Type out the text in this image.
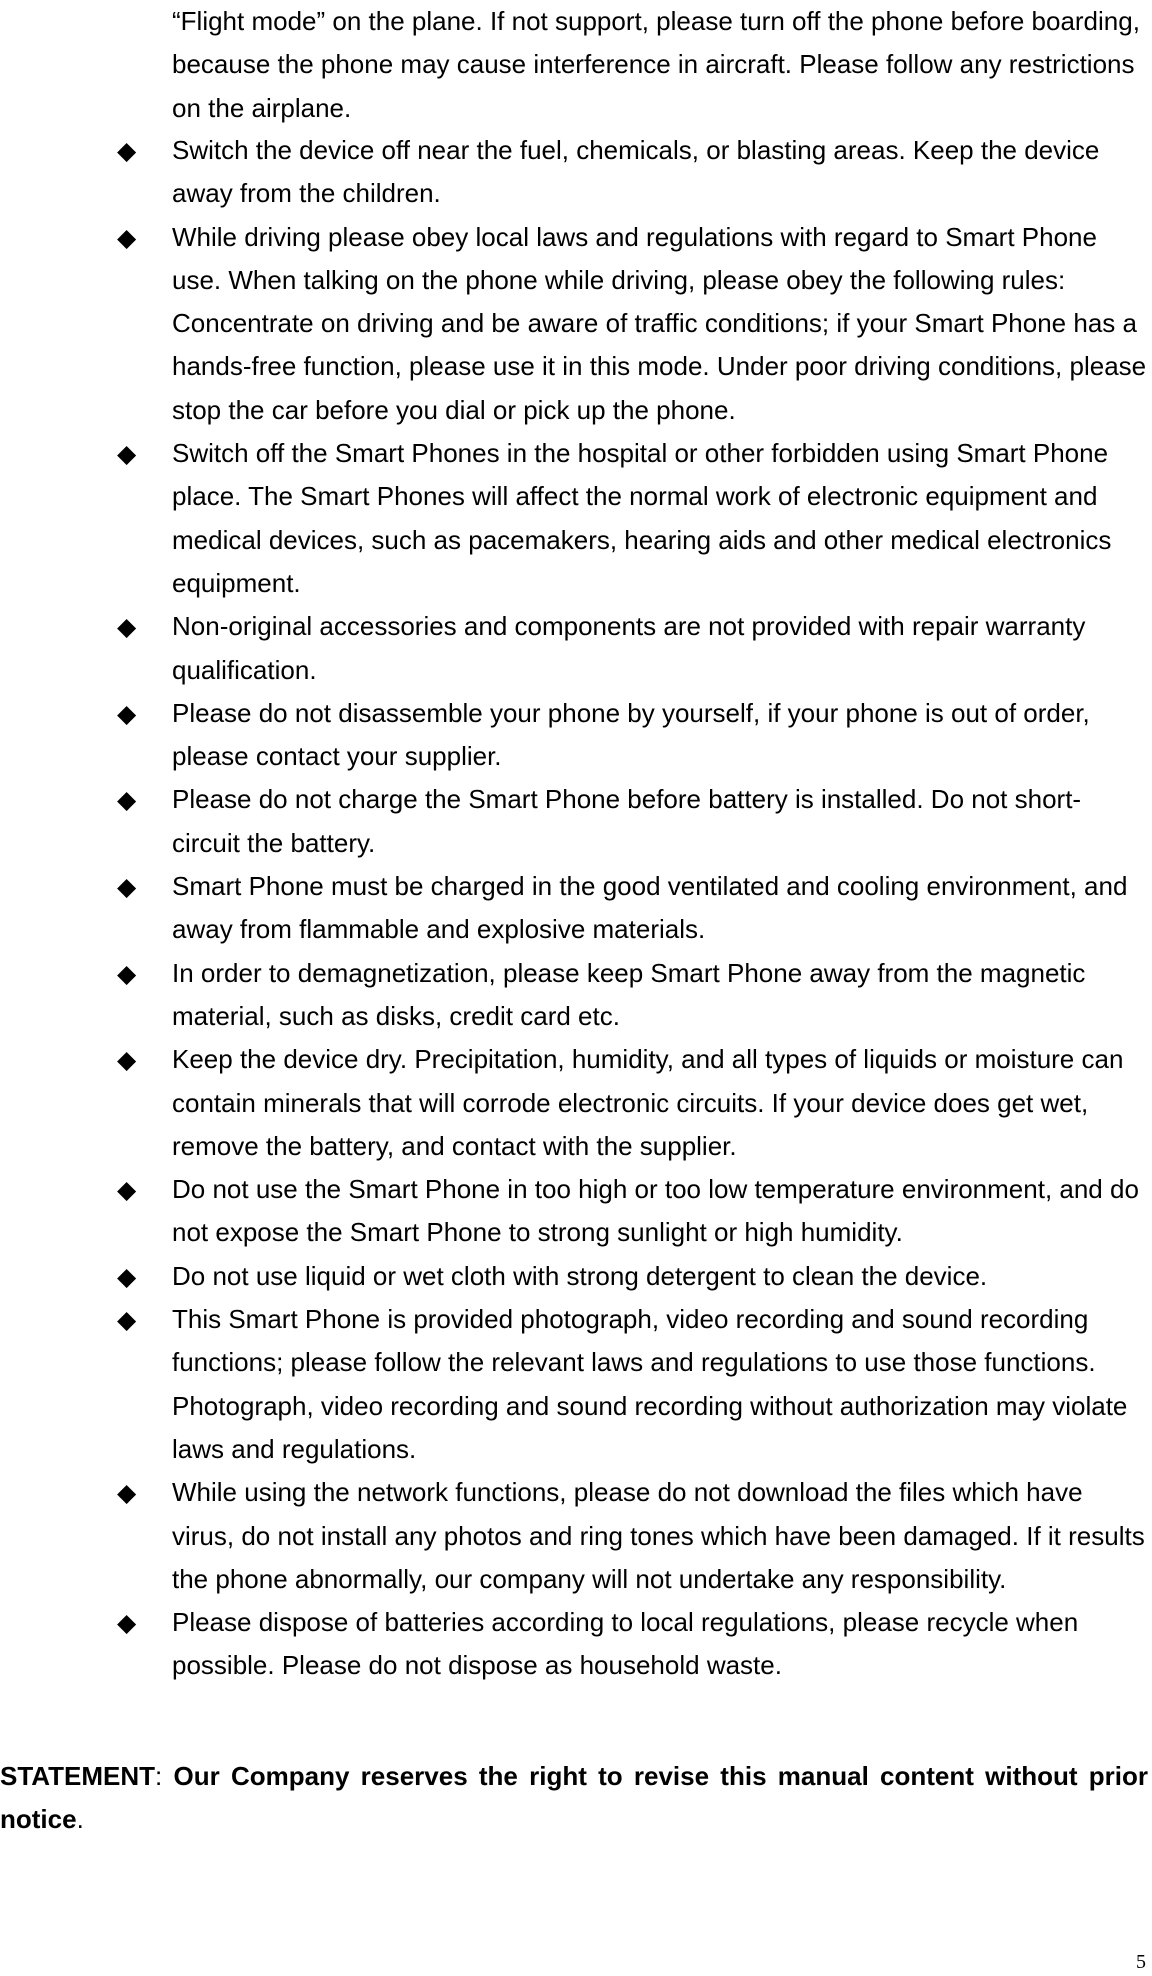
“Flight mode” on the plane. If not support, please turn off the phone before boarding, because the phone may cause interference in aircraft. Please follow any restrictions on the airplane.

◆ Switch the device off near the fuel, chemicals, or blasting areas. Keep the device away from the children.
◆ While driving please obey local laws and regulations with regard to Smart Phone use. When talking on the phone while driving, please obey the following rules: Concentrate on driving and be aware of traffic conditions; if your Smart Phone has a hands-free function, please use it in this mode. Under poor driving conditions, please stop the car before you dial or pick up the phone.
◆ Switch off the Smart Phones in the hospital or other forbidden using Smart Phone place. The Smart Phones will affect the normal work of electronic equipment and medical devices, such as pacemakers, hearing aids and other medical electronics equipment.
◆ Non-original accessories and components are not provided with repair warranty qualification.
◆ Please do not disassemble your phone by yourself, if your phone is out of order, please contact your supplier.
◆ Please do not charge the Smart Phone before battery is installed. Do not short-circuit the battery.
◆ Smart Phone must be charged in the good ventilated and cooling environment, and away from flammable and explosive materials.
◆ In order to demagnetization, please keep Smart Phone away from the magnetic material, such as disks, credit card etc.
◆ Keep the device dry. Precipitation, humidity, and all types of liquids or moisture can contain minerals that will corrode electronic circuits. If your device does get wet, remove the battery, and contact with the supplier.
◆ Do not use the Smart Phone in too high or too low temperature environment, and do not expose the Smart Phone to strong sunlight or high humidity.
◆ Do not use liquid or wet cloth with strong detergent to clean the device.
◆ This Smart Phone is provided photograph, video recording and sound recording functions; please follow the relevant laws and regulations to use those functions. Photograph, video recording and sound recording without authorization may violate laws and regulations.
◆ While using the network functions, please do not download the files which have virus, do not install any photos and ring tones which have been damaged. If it results the phone abnormally, our company will not undertake any responsibility.
◆ Please dispose of batteries according to local regulations, please recycle when possible. Please do not dispose as household waste.

STATEMENT: Our Company reserves the right to revise this manual content without prior notice.

5
